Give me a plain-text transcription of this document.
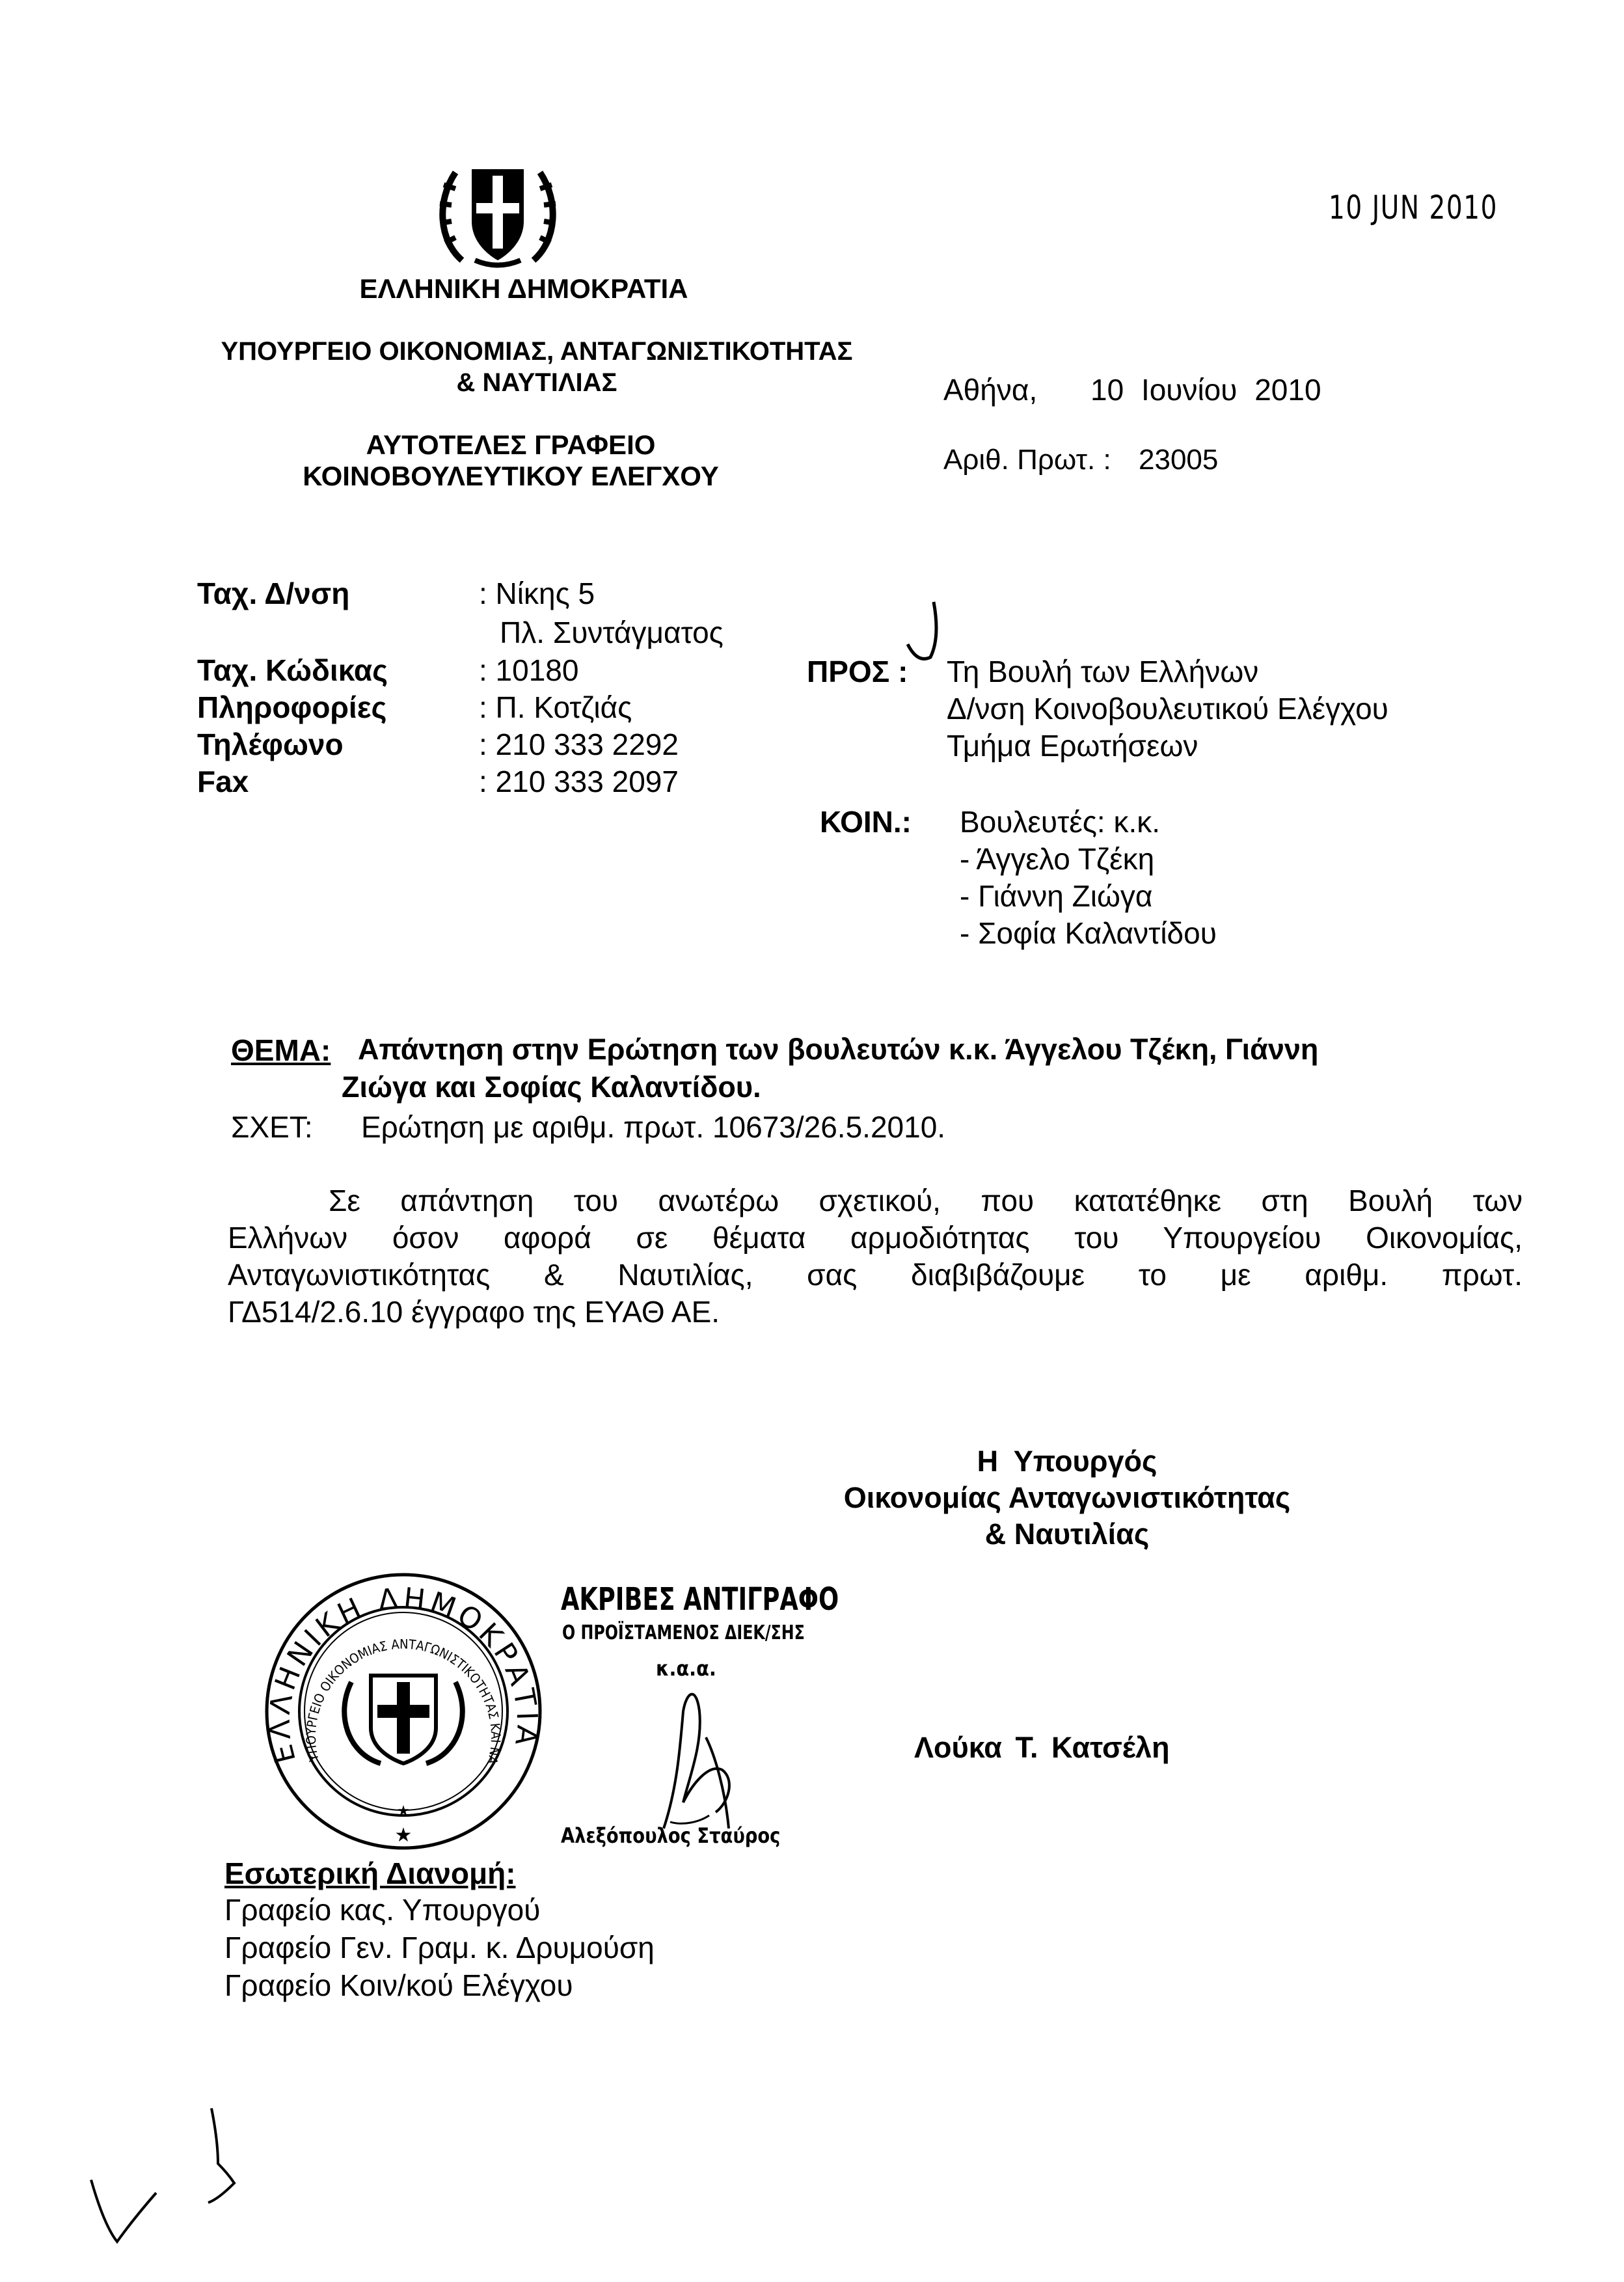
10 JUN 2010
ΕΛΛΗΝΙΚΗ ΔΗΜΟΚΡΑΤΙΑ
ΥΠΟΥΡΓΕΙΟ ΟΙΚΟΝΟΜΙΑΣ, ΑΝΤΑΓΩΝΙΣΤΙΚΟΤΗΤΑΣ
& ΝΑΥΤΙΛΙΑΣ
ΑΥΤΟΤΕΛΕΣ ΓΡΑΦΕΙΟ
ΚΟΙΝΟΒΟΥΛΕΥΤΙΚΟΥ ΕΛΕΓΧΟΥ
Αθήνα, 10 Ιουνίου 2010
Αριθ. Πρωτ. : 23005
Ταχ. Δ/νση	: Νίκης 5
Πλ. Συντάγματος
Ταχ. Κώδικας	: 10180
Πληροφορίες	: Π. Κοτζιάς
Τηλέφωνο	: 210 333 2292
Fax	: 210 333 2097
ΠΡΟΣ : Τη Βουλή των Ελλήνων
Δ/νση Κοινοβουλευτικού Ελέγχου
Τμήμα Ερωτήσεων
ΚΟΙΝ.: Βουλευτές: κ.κ.
- Άγγελο Τζέκη
- Γιάννη Ζιώγα
- Σοφία Καλαντίδου
ΘΕΜΑ: Απάντηση στην Ερώτηση των βουλευτών κ.κ. Άγγελου Τζέκη, Γιάννη
Ζιώγα και Σοφίας Καλαντίδου.
ΣΧΕΤ: Ερώτηση με αριθμ. πρωτ. 10673/26.5.2010.
Σε απάντηση του ανωτέρω σχετικού, που κατατέθηκε στη Βουλή των
Ελλήνων όσον αφορά σε θέματα αρμοδιότητας του Υπουργείου Οικονομίας,
Ανταγωνιστικότητας & Ναυτιλίας, σας διαβιβάζουμε το με αριθμ. πρωτ.
ΓΔ514/2.6.10 έγγραφο της ΕΥΑΘ ΑΕ.
Η Υπουργός
Οικονομίας Ανταγωνιστικότητας
& Ναυτιλίας
Λούκα Τ. Κατσέλη
ΕΛΛΗΝΙΚΗ ΔΗΜΟΚΡΑΤΙΑ
ΥΠΟΥΡΓΕΙΟ ΟΙΚΟΝΟΜΙΑΣ ΑΝΤΑΓΩΝΙΣΤΙΚΟΤΗΤΑΣ ΚΑΙ ΝΑ
★
★
ΑΚΡΙΒΕΣ ΑΝΤΙΓΡΑΦΟ
Ο ΠΡΟΪΣΤΑΜΕΝΟΣ ΔΙΕΚ/ΣΗΣ
κ.α.α.
Αλεξόπουλος Σταύρος
Εσωτερική Διανομή:
Γραφείο κας. Υπουργού
Γραφείο Γεν. Γραμ. κ. Δρυμούση
Γραφείο Κοιν/κού Ελέγχου
